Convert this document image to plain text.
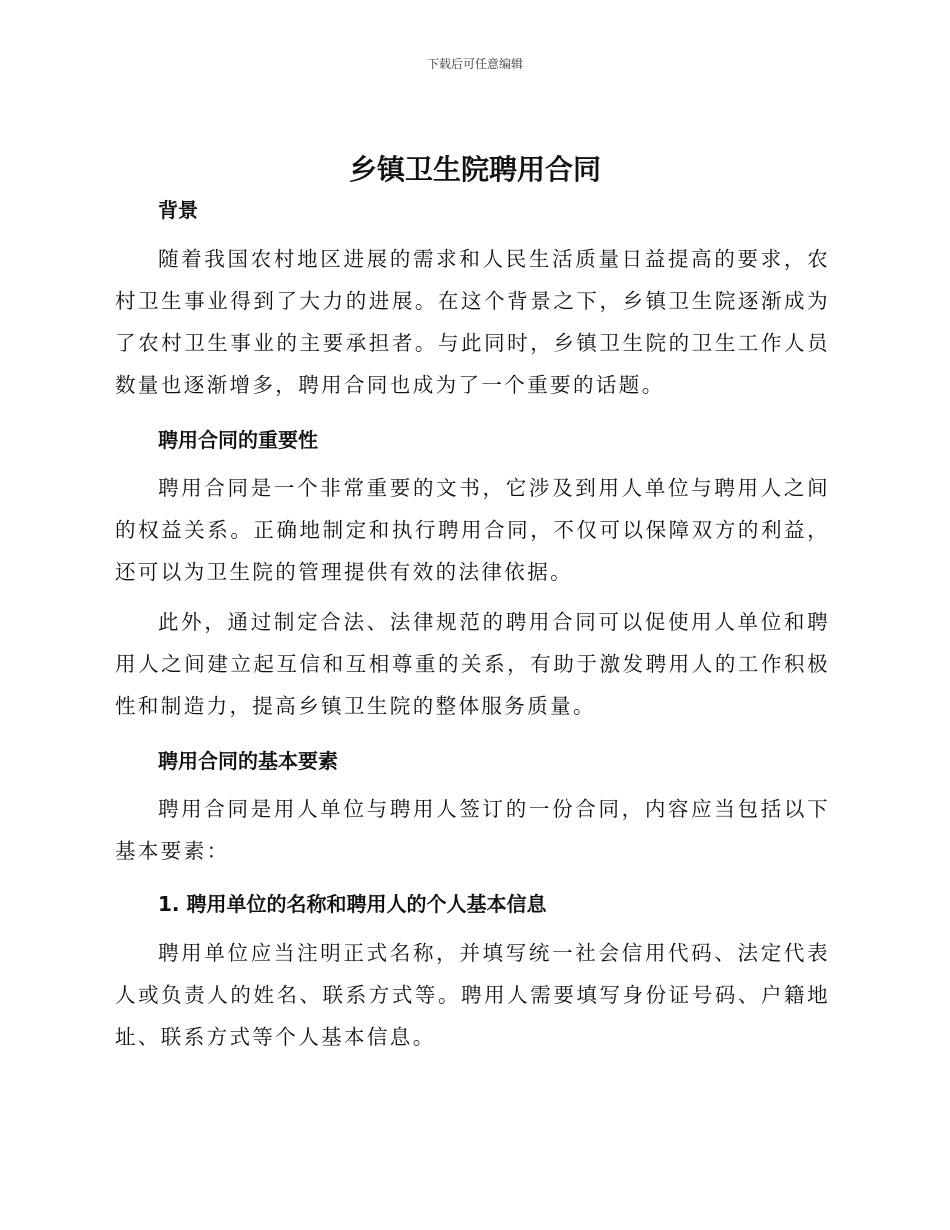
下载后可任意编辑
乡镇卫生院聘用合同
背景

随着我国农村地区进展的需求和人民生活质量日益提高的要求，农村卫生事业得到了大力的进展。在这个背景之下，乡镇卫生院逐渐成为了农村卫生事业的主要承担者。与此同时，乡镇卫生院的卫生工作人员数量也逐渐增多，聘用合同也成为了一个重要的话题。

聘用合同的重要性

聘用合同是一个非常重要的文书，它涉及到用人单位与聘用人之间的权益关系。正确地制定和执行聘用合同，不仅可以保障双方的利益，还可以为卫生院的管理提供有效的法律依据。

此外，通过制定合法、法律规范的聘用合同可以促使用人单位和聘用人之间建立起互信和互相尊重的关系，有助于激发聘用人的工作积极性和制造力，提高乡镇卫生院的整体服务质量。

聘用合同的基本要素

聘用合同是用人单位与聘用人签订的一份合同，内容应当包括以下基本要素：

1. 聘用单位的名称和聘用人的个人基本信息

聘用单位应当注明正式名称，并填写统一社会信用代码、法定代表人或负责人的姓名、联系方式等。聘用人需要填写身份证号码、户籍地址、联系方式等个人基本信息。
